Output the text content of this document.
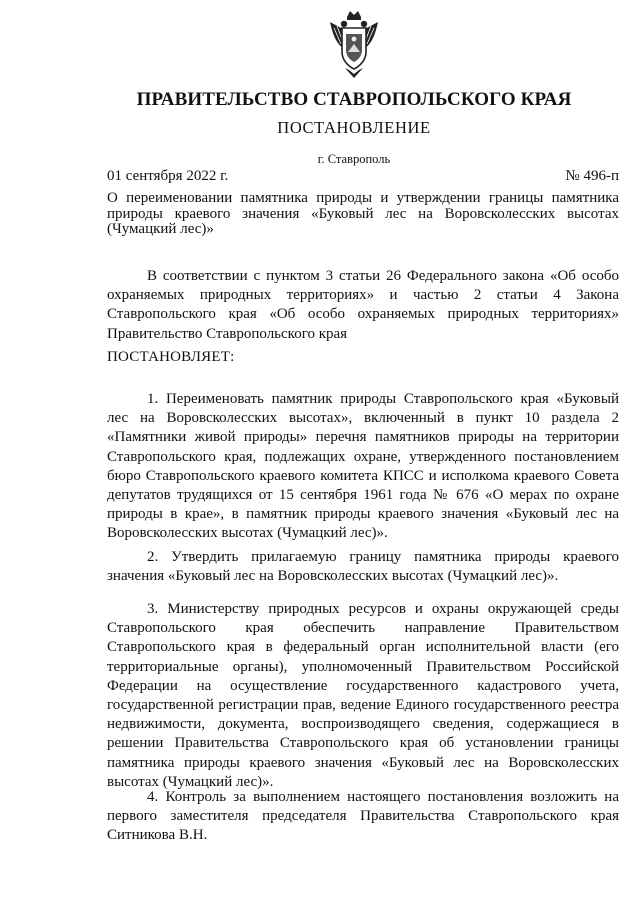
ПРАВИТЕЛЬСТВО СТАВРОПОЛЬСКОГО КРАЯ
ПОСТАНОВЛЕНИЕ
г. Ставрополь
01 сентября 2022 г.	№ 496-п
О переименовании памятника природы и утверждении границы памятника природы краевого значения «Буковый лес на Воровсколесских высотах (Чумацкий лес)»
В соответствии с пунктом 3 статьи 26 Федерального закона «Об особо охраняемых природных территориях» и частью 2 статьи 4 Закона Ставропольского края «Об особо охраняемых природных территориях» Правительство Ставропольского края
ПОСТАНОВЛЯЕТ:
1. Переименовать памятник природы Ставропольского края «Буковый лес на Воровсколесских высотах», включенный в пункт 10 раздела 2 «Памятники живой природы» перечня памятников природы на территории Ставропольского края, подлежащих охране, утвержденного постановлением бюро Ставропольского краевого комитета КПСС и исполкома краевого Совета депутатов трудящихся от 15 сентября 1961 года № 676 «О мерах по охране природы в крае», в памятник природы краевого значения «Буковый лес на Воровсколесских высотах (Чумацкий лес)».
2. Утвердить прилагаемую границу памятника природы краевого значения «Буковый лес на Воровсколесских высотах (Чумацкий лес)».
3. Министерству природных ресурсов и охраны окружающей среды Ставропольского края обеспечить направление Правительством Ставропольского края в федеральный орган исполнительной власти (его территориальные органы), уполномоченный Правительством Российской Федерации на осуществление государственного кадастрового учета, государственной регистрации прав, ведение Единого государственного реестра недвижимости, документа, воспроизводящего сведения, содержащиеся в решении Правительства Ставропольского края об установлении границы памятника природы краевого значения «Буковый лес на Воровсколесских высотах (Чумацкий лес)».
4. Контроль за выполнением настоящего постановления возложить на первого заместителя председателя Правительства Ставропольского края Ситникова В.Н.
